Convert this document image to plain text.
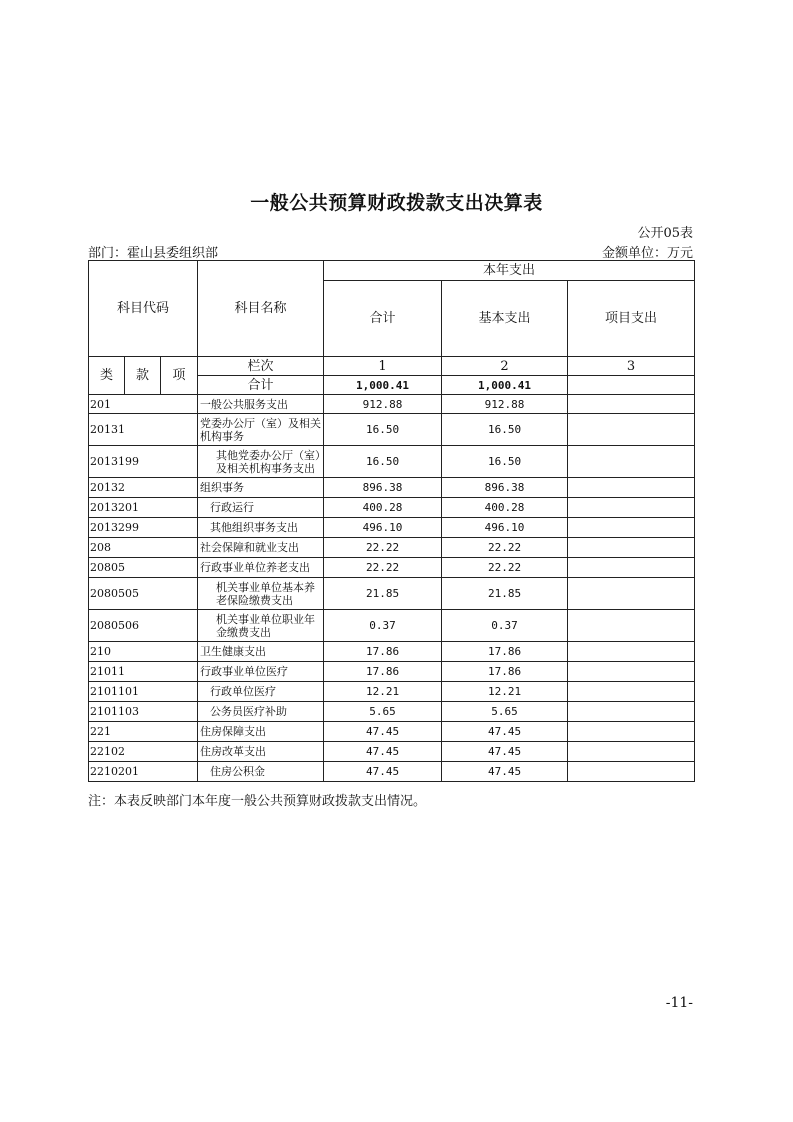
一般公共预算财政拨款支出决算表
公开05表
部门：霍山县委组织部	金额单位：万元
科目代码			科目名称	本年支出		
				合计	基本支出	项目支出

类	款	项	栏次	1	2	3
			合计	1,000.41	1,000.41	
201			一般公共服务支出	912.88	912.88	
20131			党委办公厅（室）及相关机构事务	16.50	16.50	
2013199			其他党委办公厅（室）及相关机构事务支出	16.50	16.50	
20132			组织事务	896.38	896.38	
2013201			行政运行	400.28	400.28	
2013299			其他组织事务支出	496.10	496.10	
208			社会保障和就业支出	22.22	22.22	
20805			行政事业单位养老支出	22.22	22.22	
2080505			机关事业单位基本养老保险缴费支出	21.85	21.85	
2080506			机关事业单位职业年金缴费支出	0.37	0.37	
210			卫生健康支出	17.86	17.86	
21011			行政事业单位医疗	17.86	17.86	
2101101			行政单位医疗	12.21	12.21	
2101103			公务员医疗补助	5.65	5.65	
221			住房保障支出	47.45	47.45	
22102			住房改革支出	47.45	47.45	
2210201			住房公积金	47.45	47.45	
注：本表反映部门本年度一般公共预算财政拨款支出情况。
-11-
